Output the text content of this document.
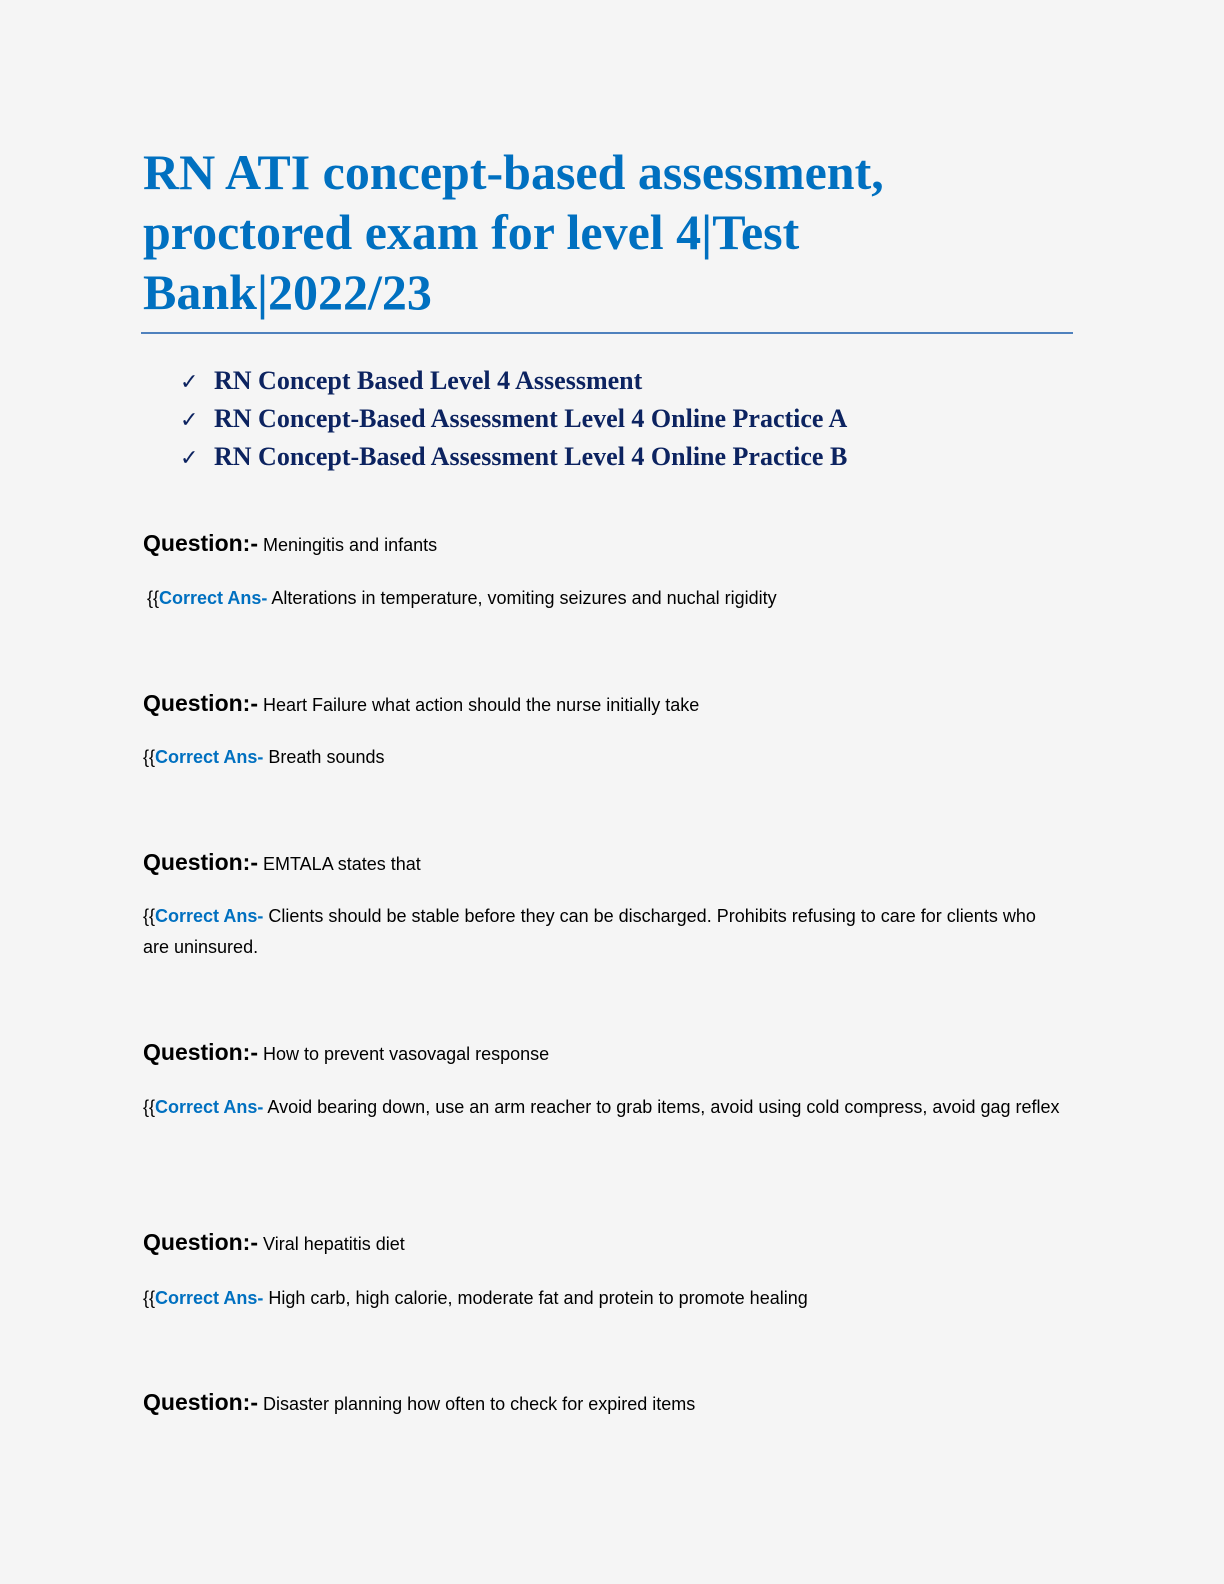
RN ATI concept-based assessment, proctored exam for level 4|Test Bank|2022/23
✓ RN Concept Based Level 4 Assessment
✓ RN Concept-Based Assessment Level 4 Online Practice A
✓ RN Concept-Based Assessment Level 4 Online Practice B
Question:- Meningitis and infants
{{Correct Ans- Alterations in temperature, vomiting seizures and nuchal rigidity
Question:- Heart Failure what action should the nurse initially take
{{Correct Ans- Breath sounds
Question:- EMTALA states that
{{Correct Ans- Clients should be stable before they can be discharged. Prohibits refusing to care for clients who are uninsured.
Question:- How to prevent vasovagal response
{{Correct Ans- Avoid bearing down, use an arm reacher to grab items, avoid using cold compress, avoid gag reflex
Question:- Viral hepatitis diet
{{Correct Ans- High carb, high calorie, moderate fat and protein to promote healing
Question:- Disaster planning how often to check for expired items
